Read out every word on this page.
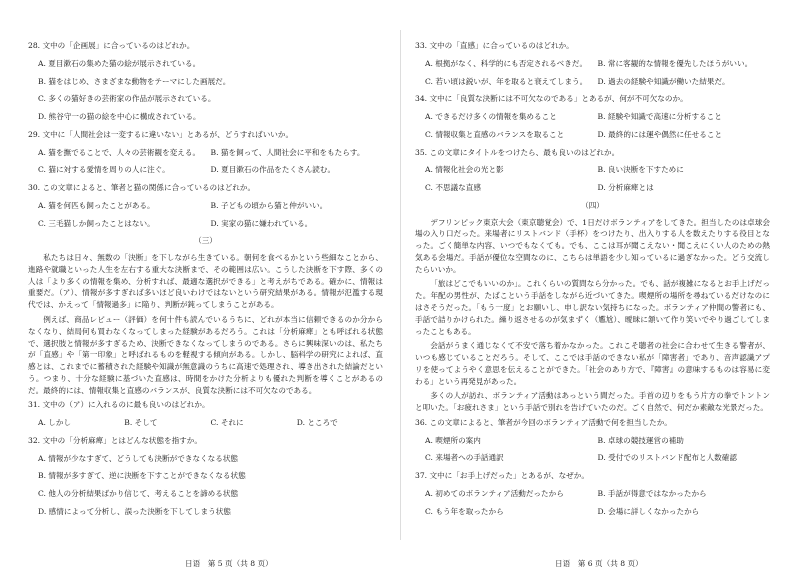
28. 文中の「企画展」に合っているのはどれか。
A. 夏目漱石の集めた猫の絵が展示されている。
B. 猫をはじめ、さまざまな動物をテーマにした画展だ。
C. 多くの猫好きの芸術家の作品が展示されている。
D. 熊谷守一の猫の絵を中心に構成されている。
29. 文中に「人間社会は一変するに違いない」とあるが、どうすればいいか。
A. 猫を撫でることで、人々の芸術観を変える。	B. 猫を飼って、人間社会に平和をもたらす。
C. 猫に対する愛情を周りの人に注ぐ。	D. 夏目漱石の作品をたくさん読む。
30. この文章によると、筆者と猫の関係に合っているのはどれか。
A. 猫を何匹も飼ったことがある。	B. 子どもの頃から猫と仲がいい。
C. 三毛猫しか飼ったことはない。	D. 実家の猫に嫌われている。
（三）
私たちは日々、無数の「決断」を下しながら生きている。朝何を食べるかという些細なことから、進路や就職といった人生を左右する重大な決断まで、その範囲は広い。こうした決断を下す際、多くの人は「より多くの情報を集め、分析すれば、最適な選択ができる」と考えがちである。確かに、情報は重要だ。（ア）、情報が多すぎれば多いほど良いわけではないという研究結果がある。情報が氾濫する現代では、かえって「情報過多」に陥り、判断が鈍ってしまうことがある。
例えば、商品レビュー（評価）を何十件も読んでいるうちに、どれが本当に信頼できるのか分からなくなり、結局何も買わなくなってしまった経験があるだろう。これは「分析麻痺」とも呼ばれる状態で、選択肢と情報が多すぎるため、決断できなくなってしまうのである。さらに興味深いのは、私たちが「直感」や「第一印象」と呼ばれるものを軽視する傾向がある。しかし、脳科学の研究によれば、直感とは、これまでに蓄積された経験や知識が無意識のうちに高速で処理され、導き出された結論だという。つまり、十分な経験に基づいた直感は、時間をかけた分析よりも優れた判断を導くことがあるのだ。最終的には、情報収集と直感のバランスが、良質な決断には不可欠なのである。
31. 文中の（ア）に入れるのに最も良いのはどれか。
A. しかし	B. そして	C. それに	D. ところで
32. 文中の「分析麻痺」とはどんな状態を指すか。
A. 情報が少なすぎて、どうしても決断ができなくなる状態
B. 情報が多すぎて、逆に決断を下すことができなくなる状態
C. 他人の分析結果ばかり信じて、考えることを諦める状態
D. 感情によって分析し、誤った決断を下してしまう状態
33. 文中の「直感」に合っているのはどれか。
A. 根拠がなく、科学的にも否定されるべきだ。	B. 常に客観的な情報を優先したほうがいい。
C. 若い頃は鋭いが、年を取ると衰えてしまう。	D. 過去の経験や知識が働いた結果だ。
34. 文中に「良質な決断には不可欠なのである」とあるが、何が不可欠なのか。
A. できるだけ多くの情報を集めること	B. 経験や知識で高速に分析すること
C. 情報収集と直感のバランスを取ること	D. 最終的には運や偶然に任せること
35. この文章にタイトルをつけたら、最も良いのはどれか。
A. 情報化社会の光と影	B. 良い決断を下すために
C. 不思議な直感	D. 分析麻痺とは
（四）
デフリンピック東京大会（東京聴覚会）で、1日だけボランティアをしてきた。担当したのは卓球会場の入り口だった。来場者にリストバンド（手杯）をつけたり、出入りする人を数えたりする役目となった。ごく簡単な内容、いつでもなくても。でも、ここは耳が聞こえない・聞こえにくい人のための熱気ある会場だ。手話が優位な空間なのに、こちらは単語を少し知っているに過ぎなかった。どう交流したらいいか。
「旅はどこでもいいのか」。これくらいの質問なら分かった。でも、話が複雑になるとお手上げだった。年配の男性が、たばこという手話をしながら近づいてきた。喫煙所の場所を尋ねているだけなのにはさそうだった。「もう一度」とお願いし、申し訳ない気持ちになった。ボランティア仲間の警者にも、手話で詰りかけられた。繰り返させるのが気まずく（尷尬）、曖昧に頷いて作り笑いでやり過ごしてしまったこともある。
会話がうまく通じなくて不安で落ち着かなかった。これこそ聴者の社会に合わせて生きる警者が、いつも感じていることだろう。そして、ここでは手話のできない私が「障害者」であり、音声認識アプリを使ってようやく意思を伝えることができた。「社会のあり方で、『障害』の意味するものは容易に変わる」という再発見があった。
多くの人が訪れ、ボランティア活動はあっという間だった。手首の辺りをもう片方の拳でトントンと叩いた。「お疲れさま」という手話で別れを告げていたのだ。ごく自然で、何だか素敵な光景だった。
36. この文章によると、筆者が今回のボランティア活動で何を担当したか。
A. 喫煙所の案内	B. 卓球の競技運営の補助
C. 来場者への手話通訳	D. 受付でのリストバンド配布と人数確認
37. 文中に「お手上げだった」とあるが、なぜか。
A. 初めてのボランティア活動だったから	B. 手話が得意ではなかったから
C. もう年を取ったから	D. 会場に詳しくなかったから
日语　第 5 页（共 8 页）	日语　第 6 页（共 8 页）
